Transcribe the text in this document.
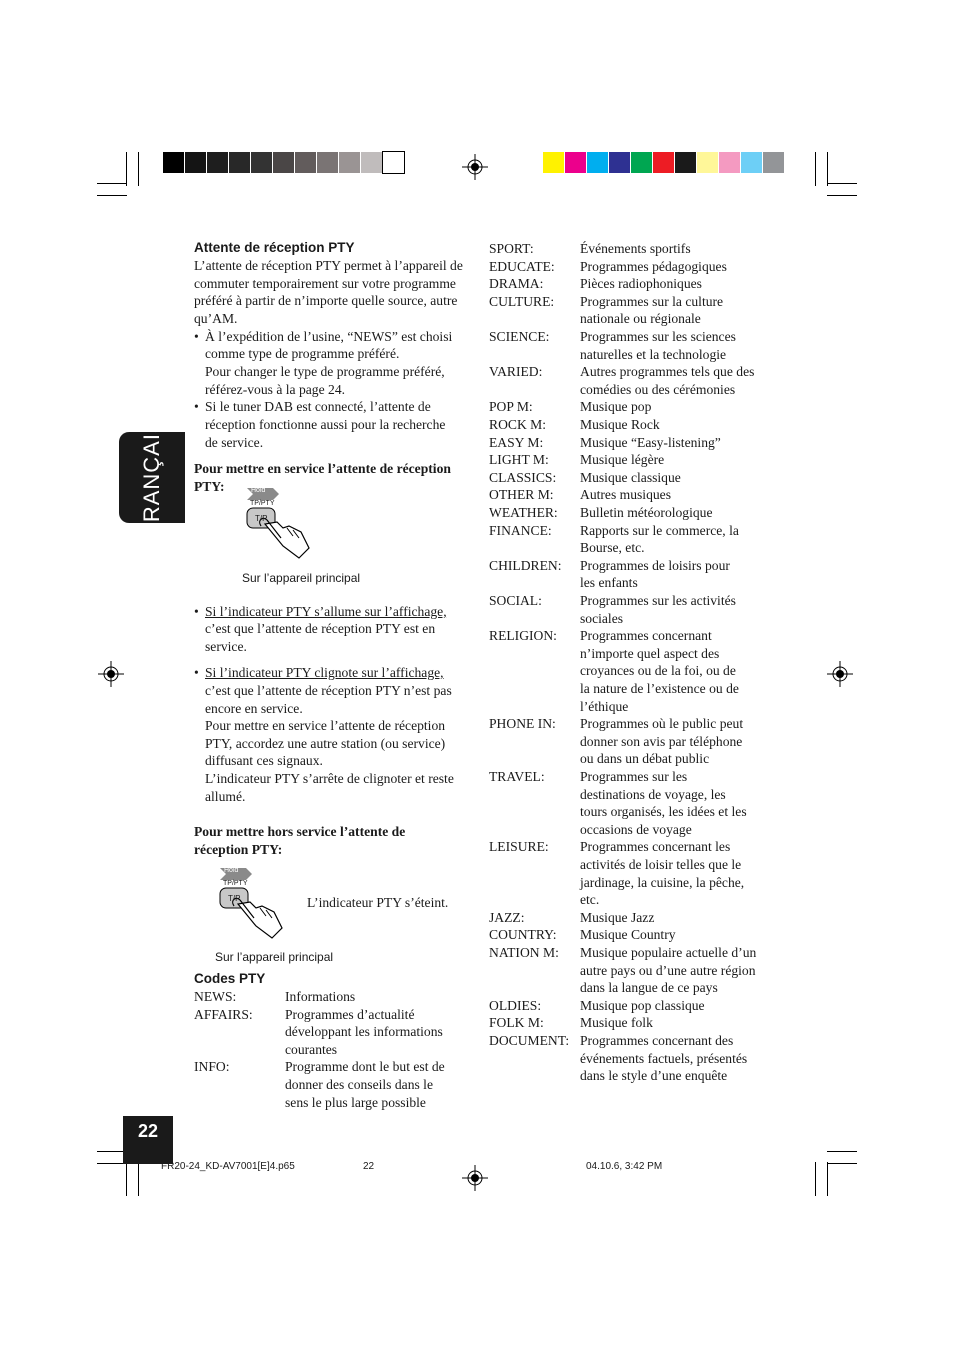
FRANÇAIS
Attente de réception PTY
L’attente de réception PTY permet à l’appareil de commuter temporairement sur votre programme préféré à partir de n’importe quelle source, autre qu’AM.
• À l’expédition de l’usine, “NEWS” est choisi
comme type de programme préféré.
Pour changer le type de programme préféré,
référez-vous à la page 24.
• Si le tuner DAB est connecté, l’attente de
réception fonctionne aussi pour la recherche
de service.
Pour mettre en service l’attente de réception PTY:	Hold
TP/PTY
T/P
Sur l’appareil principal
• Si l’indicateur PTY s’allume sur l’affichage,
c’est que l’attente de réception PTY est en
service.
• Si l’indicateur PTY clignote sur l’affichage,
c’est que l’attente de réception PTY n’est pas
encore en service.
Pour mettre en service l’attente de réception
PTY, accordez une autre station (ou service)
diffusant ces signaux.
L’indicateur PTY s’arrête de clignoter et reste
allumé.
Pour mettre hors service l’attente de réception PTY:
Hold
TP/PTY
T/P	L’indicateur PTY s’éteint.
Sur l’appareil principal
Codes PTY
NEWS:	Informations
AFFAIRS: Programmes d’actualité
développant les informations
courantes
INFO:	Programme dont le but est de
donner des conseils dans le
sens le plus large possible
SPORT:	Événements sportifs
EDUCATE: Programmes pédagogiques
DRAMA:	Pièces radiophoniques
CULTURE: Programmes sur la culture
nationale ou régionale
SCIENCE: Programmes sur les sciences
naturelles et la technologie
VARIED:	Autres programmes tels que des
comédies ou des cérémonies
POP M:	Musique pop
ROCK M: Musique Rock
EASY M:	Musique “Easy-listening”
LIGHT M: Musique légère
CLASSICS: Musique classique
OTHER M: Autres musiques
WEATHER: Bulletin météorologique
FINANCE: Rapports sur le commerce, la
Bourse, etc.
CHILDREN: Programmes de loisirs pour
les enfants
SOCIAL:	Programmes sur les activités
sociales
RELIGION: Programmes concernant
n’importe quel aspect des
croyances ou de la foi, ou de
la nature de l’existence ou de
l’éthique
PHONE IN: Programmes où le public peut
donner son avis par téléphone
ou dans un débat public
TRAVEL:	Programmes sur les
destinations de voyage, les
tours organisés, les idées et les
occasions de voyage
LEISURE: Programmes concernant les
activités de loisir telles que le
jardinage, la cuisine, la pêche,
etc.
JAZZ:	Musique Jazz
COUNTRY: Musique Country
NATION M: Musique populaire actuelle d’un
autre pays ou d’une autre région
dans la langue de ce pays
OLDIES:	Musique pop classique
FOLK M:	Musique folk
DOCUMENT: Programmes concernant des
événements factuels, présentés
dans le style d’une enquête
22
FR20-24_KD-AV7001[E]4.p65	22	04.10.6, 3:42 PM
